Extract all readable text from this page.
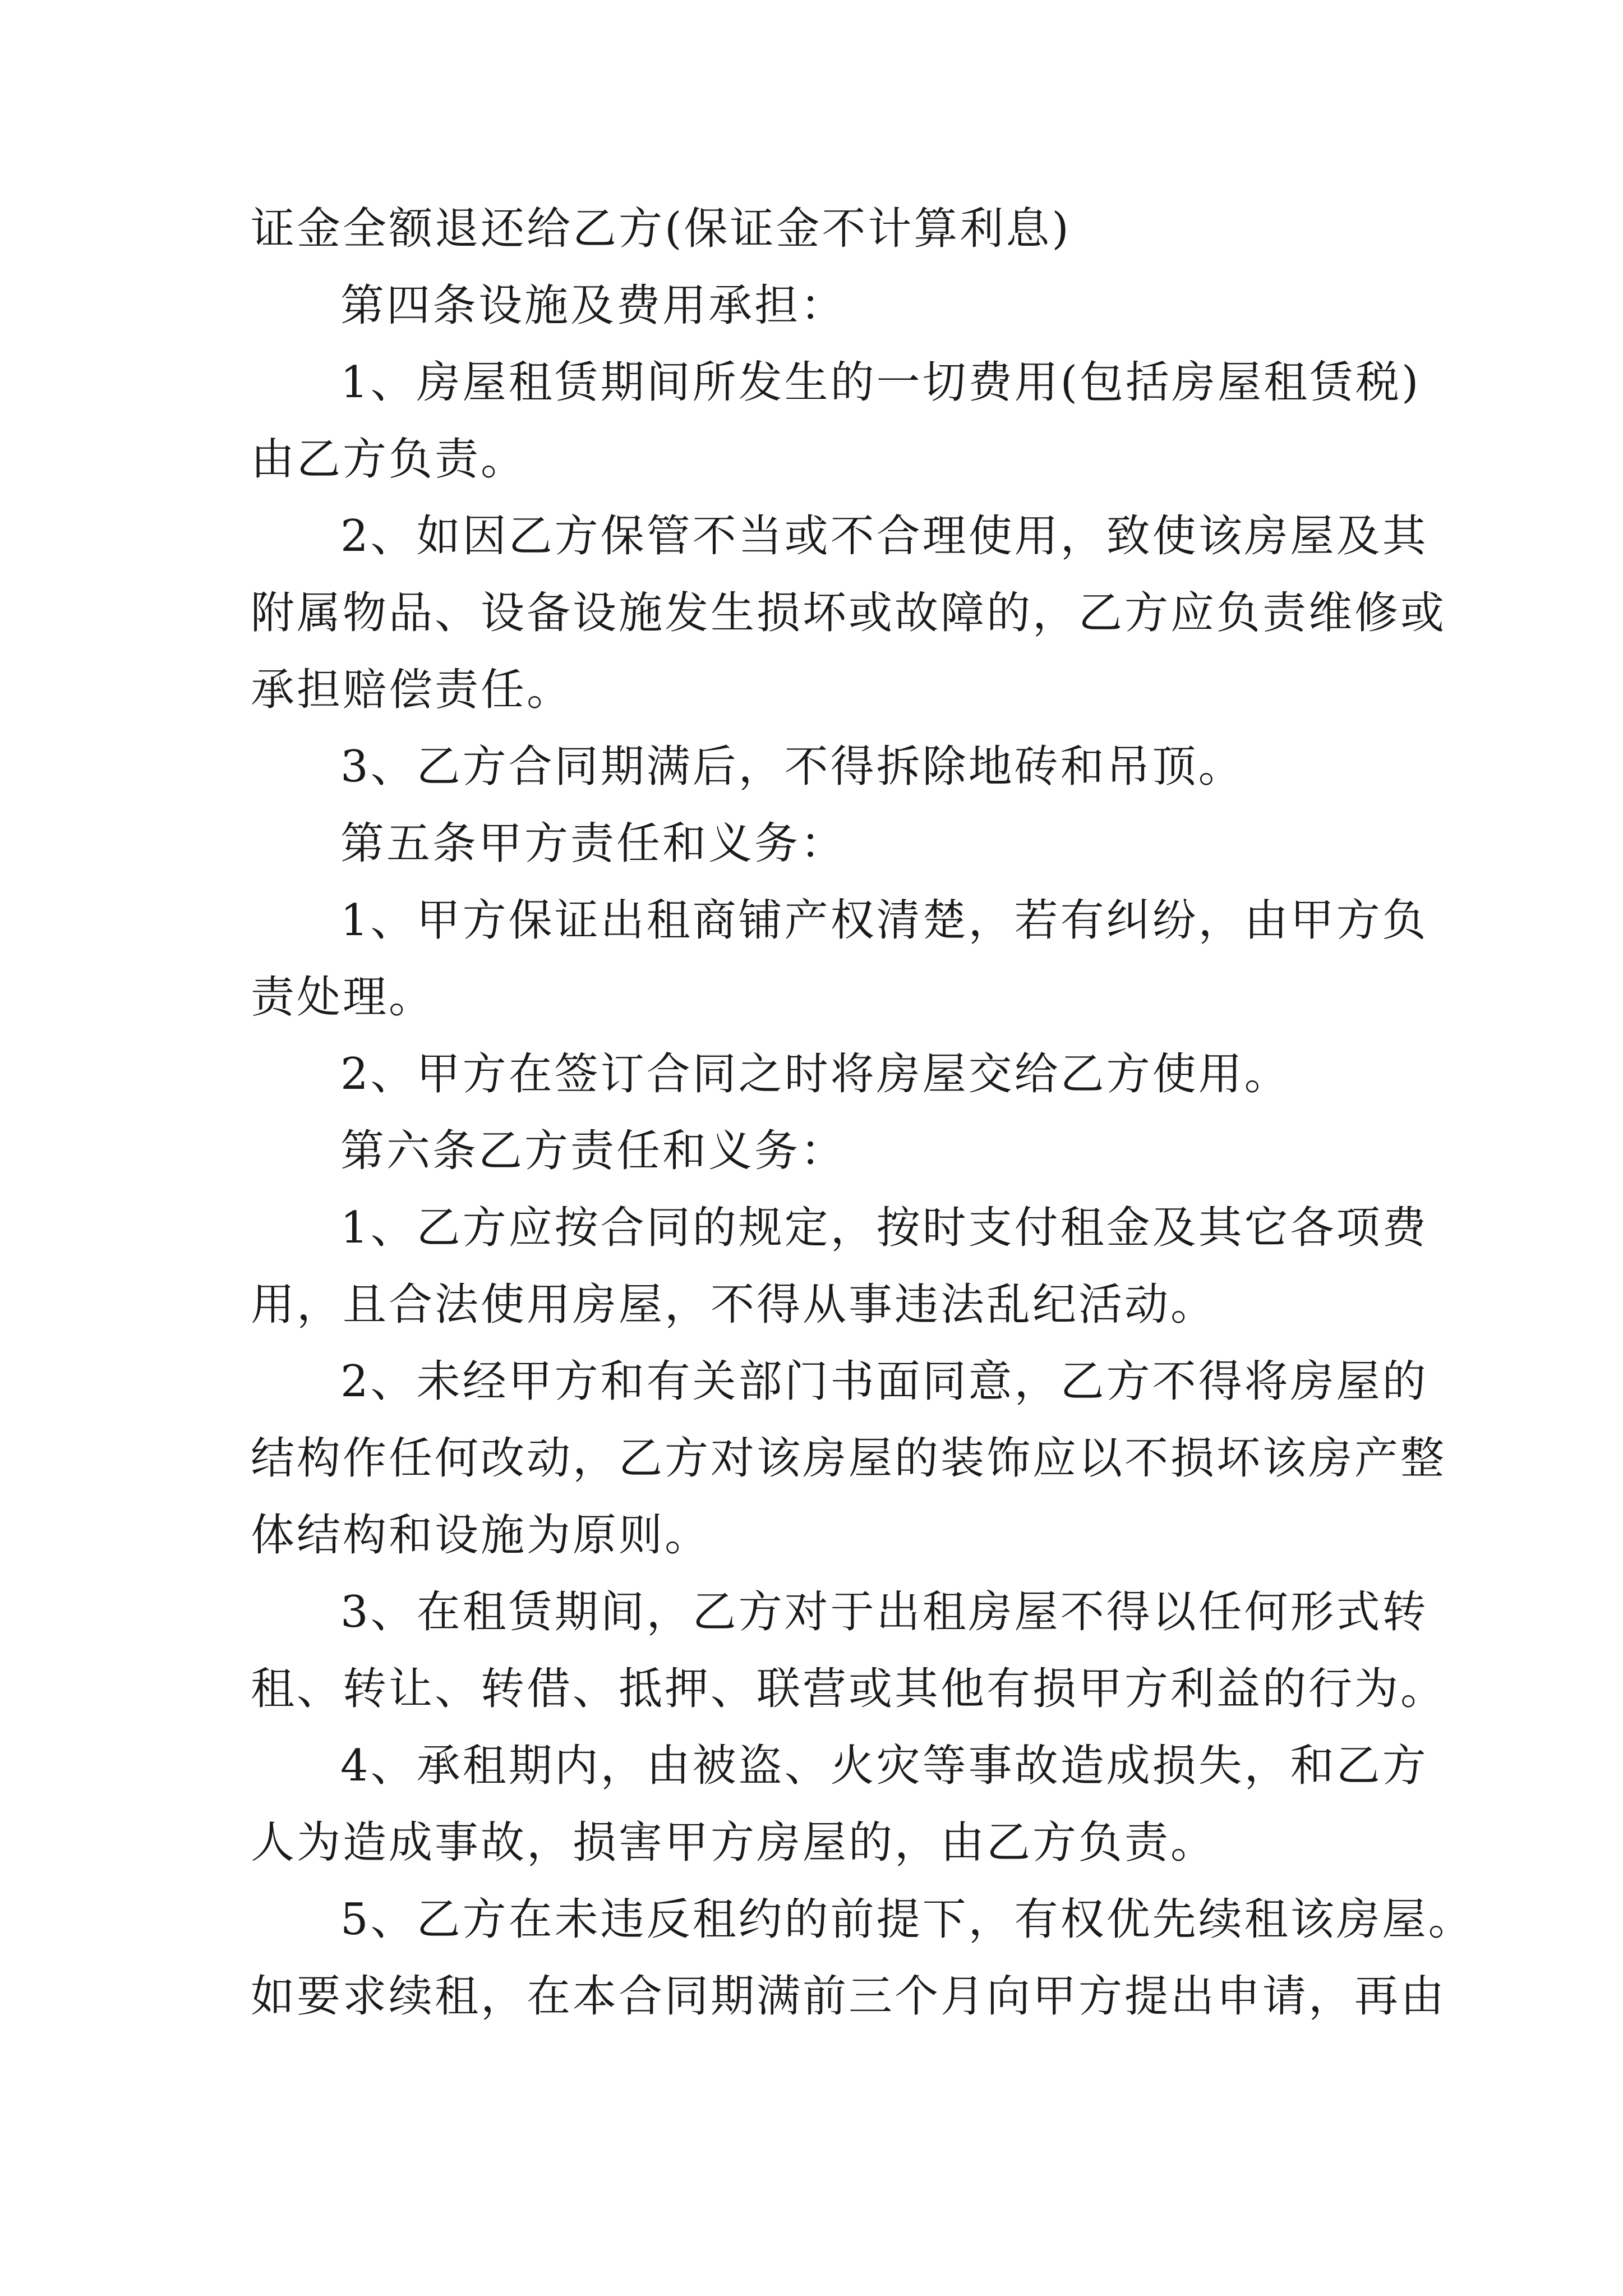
证金全额退还给乙方(保证金不计算利息)
第四条设施及费用承担：
1、房屋租赁期间所发生的一切费用(包括房屋租赁税)
由乙方负责。
2、如因乙方保管不当或不合理使用，致使该房屋及其
附属物品、设备设施发生损坏或故障的，乙方应负责维修或
承担赔偿责任。
3、乙方合同期满后，不得拆除地砖和吊顶。
第五条甲方责任和义务：
1、甲方保证出租商铺产权清楚，若有纠纷，由甲方负
责处理。
2、甲方在签订合同之时将房屋交给乙方使用。
第六条乙方责任和义务：
1、乙方应按合同的规定，按时支付租金及其它各项费
用，且合法使用房屋，不得从事违法乱纪活动。
2、未经甲方和有关部门书面同意，乙方不得将房屋的
结构作任何改动，乙方对该房屋的装饰应以不损坏该房产整
体结构和设施为原则。
3、在租赁期间，乙方对于出租房屋不得以任何形式转
租、转让、转借、抵押、联营或其他有损甲方利益的行为。
4、承租期内，由被盗、火灾等事故造成损失，和乙方
人为造成事故，损害甲方房屋的，由乙方负责。
5、乙方在未违反租约的前提下，有权优先续租该房屋。
如要求续租，在本合同期满前三个月向甲方提出申请，再由
